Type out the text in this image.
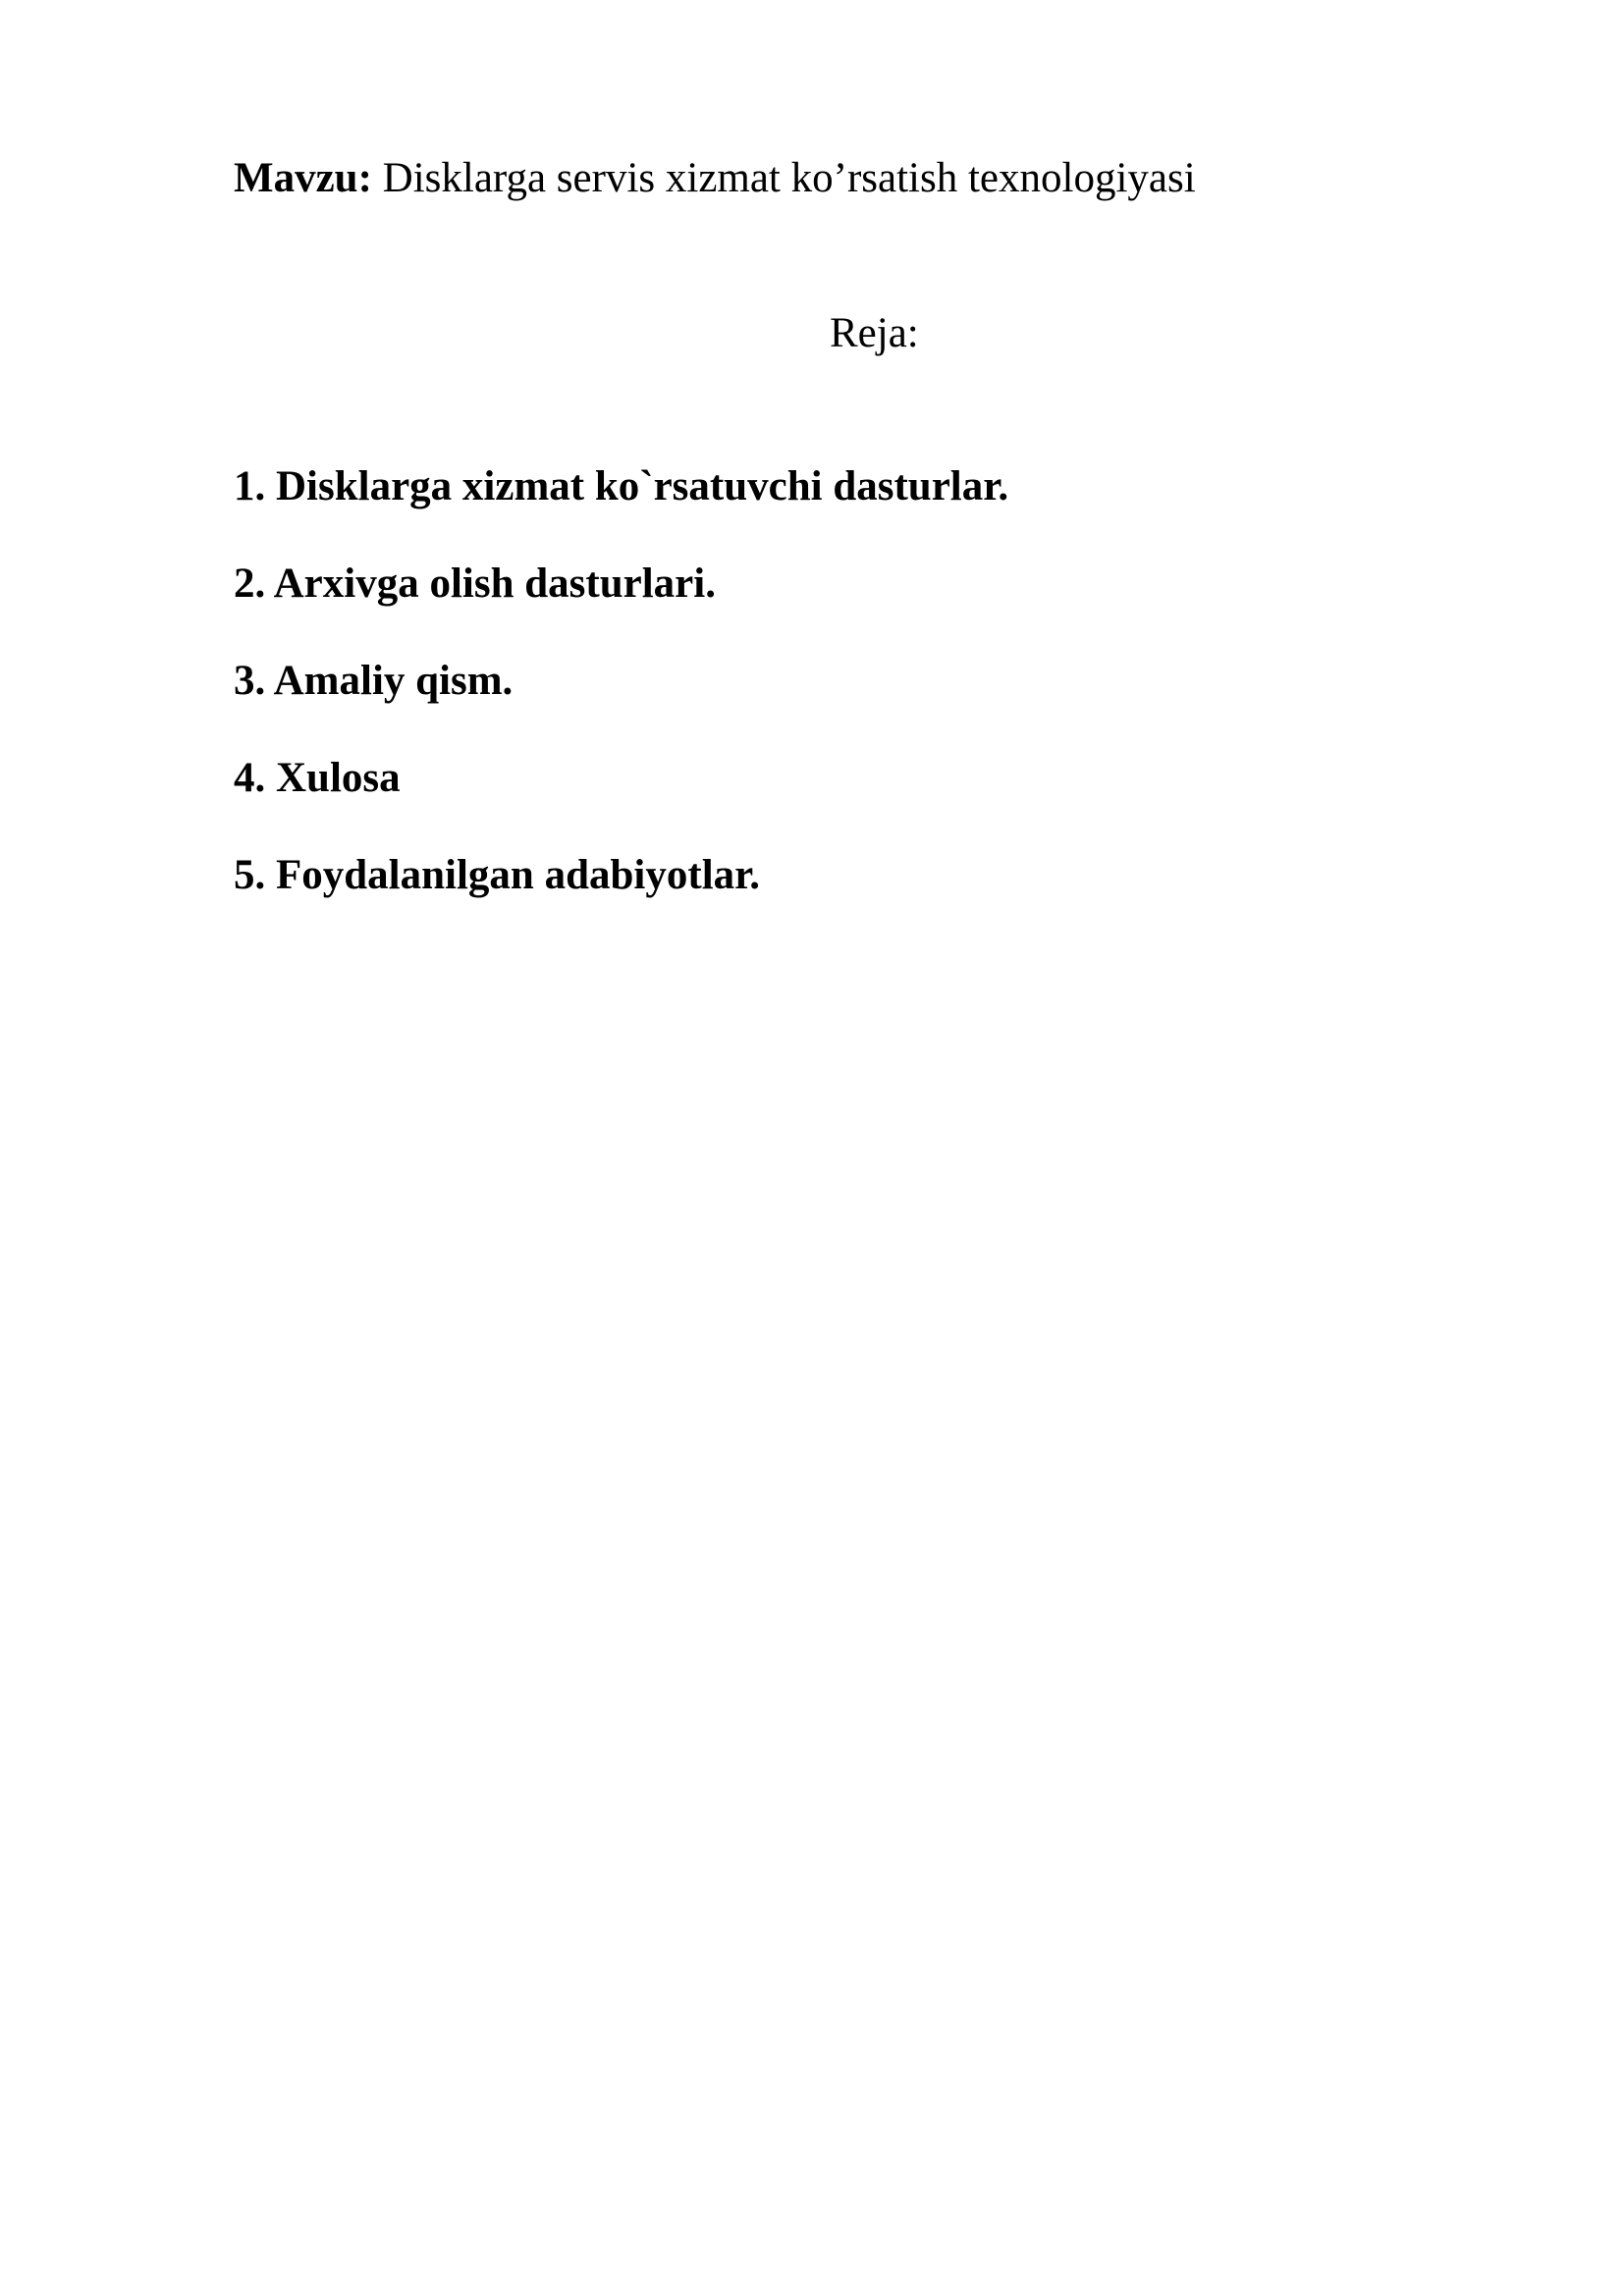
Mavzu: Disklarga servis xizmat ko’rsatish texnologiyasi
Reja:
1. Disklarga xizmat ko`rsatuvchi dasturlar.
2. Arxivga olish dasturlari.
3. Amaliy qism.
4. Xulosa
5. Foydalanilgan adabiyotlar.
